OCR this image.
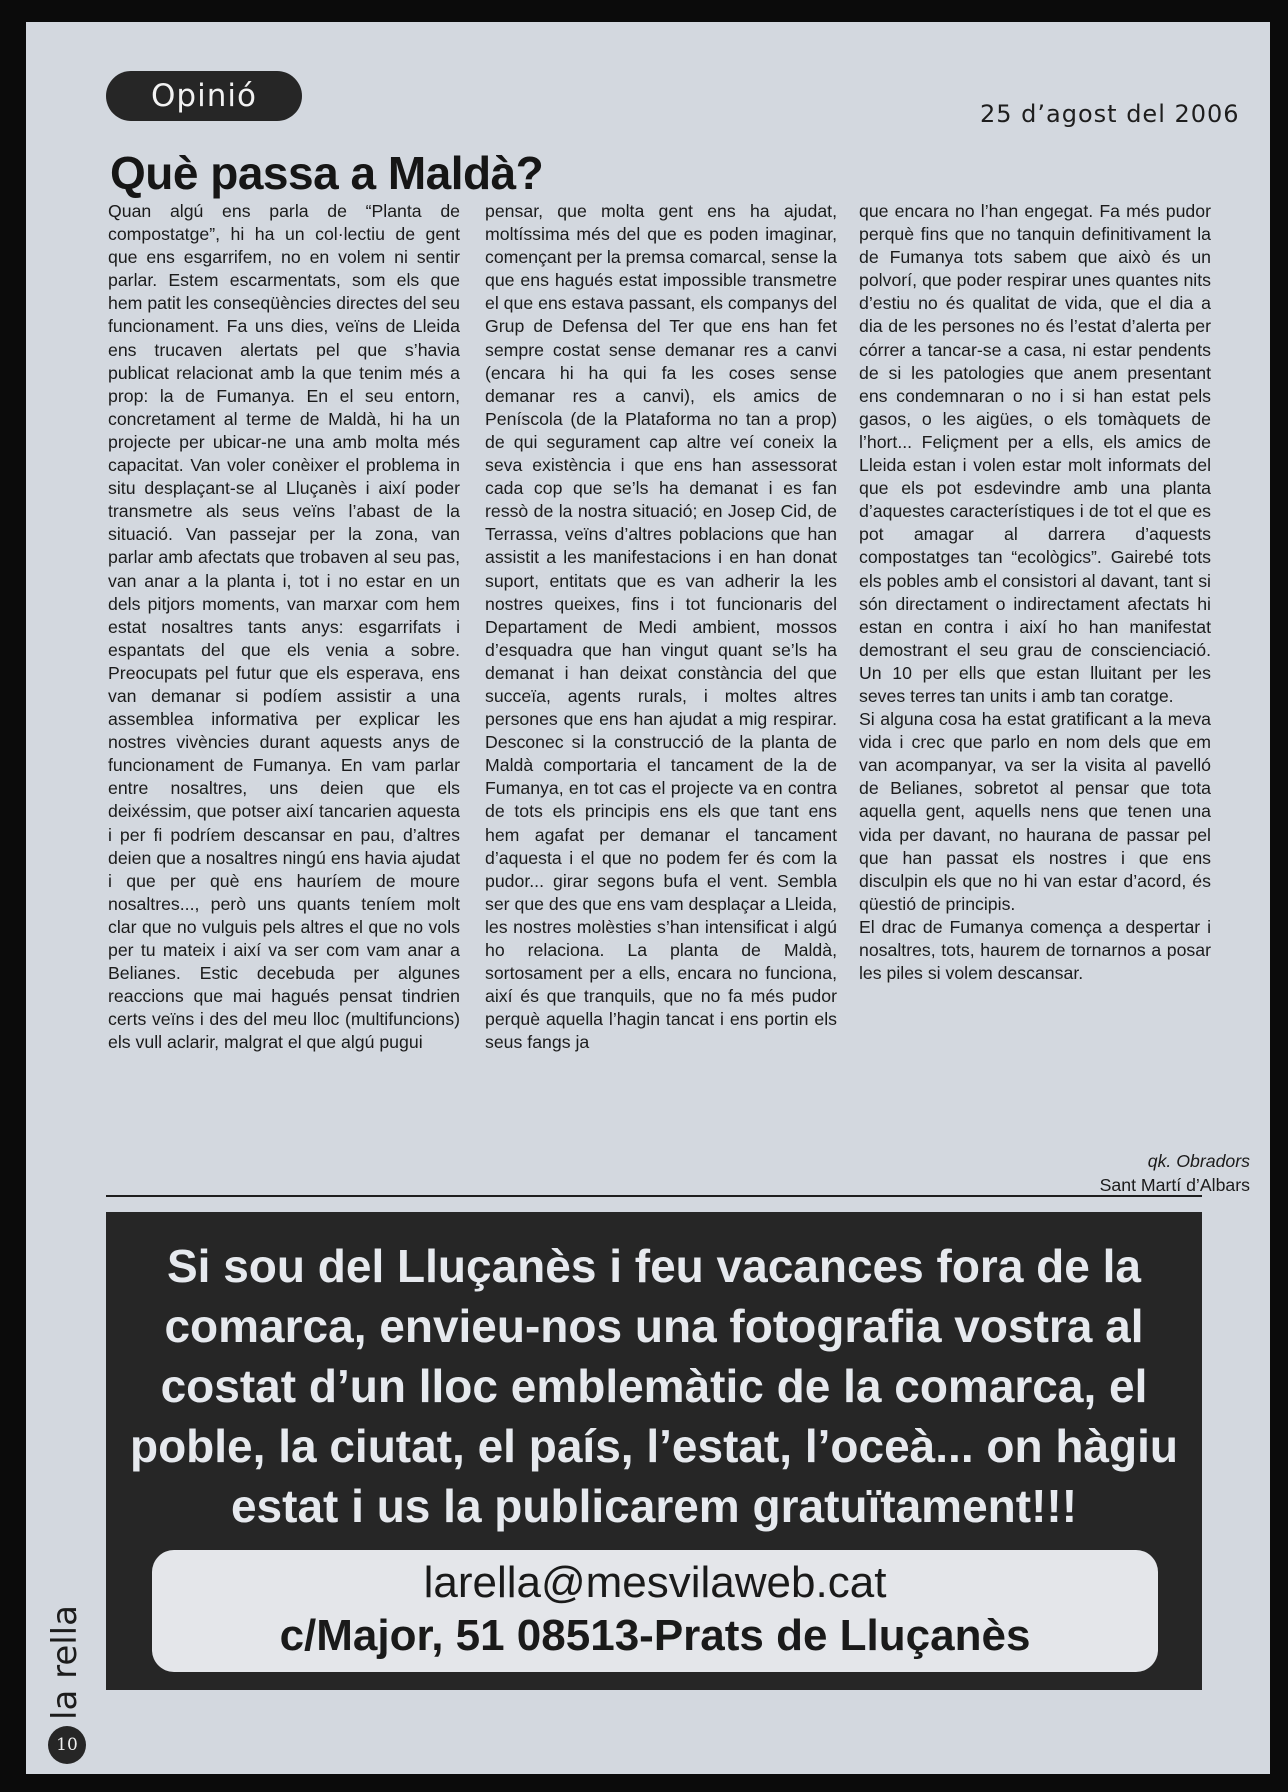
Opinió	25 d’agost del 2006
Què passa a Maldà?

Quan algú ens parla de “Planta de compostatge”, hi ha un col·lectiu de gent que ens esgarrifem, no en volem ni sentir parlar. Estem escarmentats, som els que hem patit les conseqüències directes del seu funcionament. Fa uns dies, veïns de Lleida ens trucaven alertats pel que s’havia publicat relacionat amb la que tenim més a prop: la de Fumanya. En el seu entorn, concretament al terme de Maldà, hi ha un projecte per ubicar-ne una amb molta més capacitat. Van voler conèixer el problema in situ desplaçant-se al Lluçanès i així poder transmetre als seus veïns l’abast de la situació. Van passejar per la zona, van parlar amb afectats que trobaven al seu pas, van anar a la planta i, tot i no estar en un dels pitjors moments, van marxar com hem estat nosaltres tants anys: esgarrifats i espantats del que els venia a sobre. Preocupats pel futur que els esperava, ens van demanar si podíem assistir a una assemblea informativa per explicar les nostres vivències durant aquests anys de funcionament de Fumanya. En vam parlar entre nosaltres, uns deien que els deixéssim, que potser així tancarien aquesta i per fi podríem descansar en pau, d’altres deien que a nosaltres ningú ens havia ajudat i que per què ens hauríem de moure nosaltres..., però uns quants teníem molt clar que no vulguis pels altres el que no vols per tu mateix i així va ser com vam anar a Belianes. Estic decebuda per algunes reaccions que mai hagués pensat tindrien certs veïns i des del meu lloc (multifuncions) els vull aclarir, malgrat el que algú pugui

pensar, que molta gent ens ha ajudat, moltíssima més del que es poden imaginar, començant per la premsa comarcal, sense la que ens hagués estat impossible transmetre el que ens estava passant, els companys del Grup de Defensa del Ter que ens han fet sempre costat sense demanar res a canvi (encara hi ha qui fa les coses sense demanar res a canvi), els amics de Peníscola (de la Plataforma no tan a prop) de qui segurament cap altre veí coneix la seva existència i que ens han assessorat cada cop que se’ls ha demanat i es fan ressò de la nostra situació; en Josep Cid, de Terrassa, veïns d’altres poblacions que han assistit a les manifestacions i en han donat suport, entitats que es van adherir la les nostres queixes, fins i tot funcionaris del Departament de Medi ambient, mossos d’esquadra que han vingut quant se’ls ha demanat i han deixat constància del que succeïa, agents rurals, i moltes altres persones que ens han ajudat a mig respirar. Desconec si la construcció de la planta de Maldà comportaria el tancament de la de Fumanya, en tot cas el projecte va en contra de tots els principis ens els que tant ens hem agafat per demanar el tancament d’aquesta i el que no podem fer és com la pudor... girar segons bufa el vent. Sembla ser que des que ens vam desplaçar a Lleida, les nostres molèsties s’han intensificat i algú ho relaciona. La planta de Maldà, sortosament per a ells, encara no funciona, així és que tranquils, que no fa més pudor perquè aquella l’hagin tancat i ens portin els seus fangs ja

que encara no l’han engegat. Fa més pudor perquè fins que no tanquin definitivament la de Fumanya tots sabem que això és un polvorí, que poder respirar unes quantes nits d’estiu no és qualitat de vida, que el dia a dia de les persones no és l’estat d’alerta per córrer a tancar-se a casa, ni estar pendents de si les patologies que anem presentant ens condemnaran o no i si han estat pels gasos, o les aigües, o els tomàquets de l’hort... Feliçment per a ells, els amics de Lleida estan i volen estar molt informats del que els pot esdevindre amb una planta d’aquestes característiques i de tot el que es pot amagar al darrera d’aquests compostatges tan “ecològics”. Gairebé tots els pobles amb el consistori al davant, tant si són directament o indirectament afectats hi estan en contra i així ho han manifestat demostrant el seu grau de conscienciació. Un 10 per ells que estan lluitant per les seves terres tan units i amb tan coratge.

Si alguna cosa ha estat gratificant a la meva vida i crec que parlo en nom dels que em van acompanyar, va ser la visita al pavelló de Belianes, sobretot al pensar que tota aquella gent, aquells nens que tenen una vida per davant, no haurana de passar pel que han passat els nostres i que ens disculpin els que no hi van estar d’acord, és qüestió de principis.

El drac de Fumanya comença a despertar i nosaltres, tots, haurem de tornarnos a posar les piles si volem descansar.

qk. Obradors
Sant Martí d’Albars

Si sou del Lluçanès i feu vacances fora de la comarca, envieu-nos una fotografia vostra al costat d’un lloc emblemàtic de la comarca, el poble, la ciutat, el país, l’estat, l’oceà... on hàgiu estat i us la publicarem gratuïtament!!!

larella@mesvilaweb.cat
c/Major, 51 08513-Prats de Lluçanès
la rella
10
